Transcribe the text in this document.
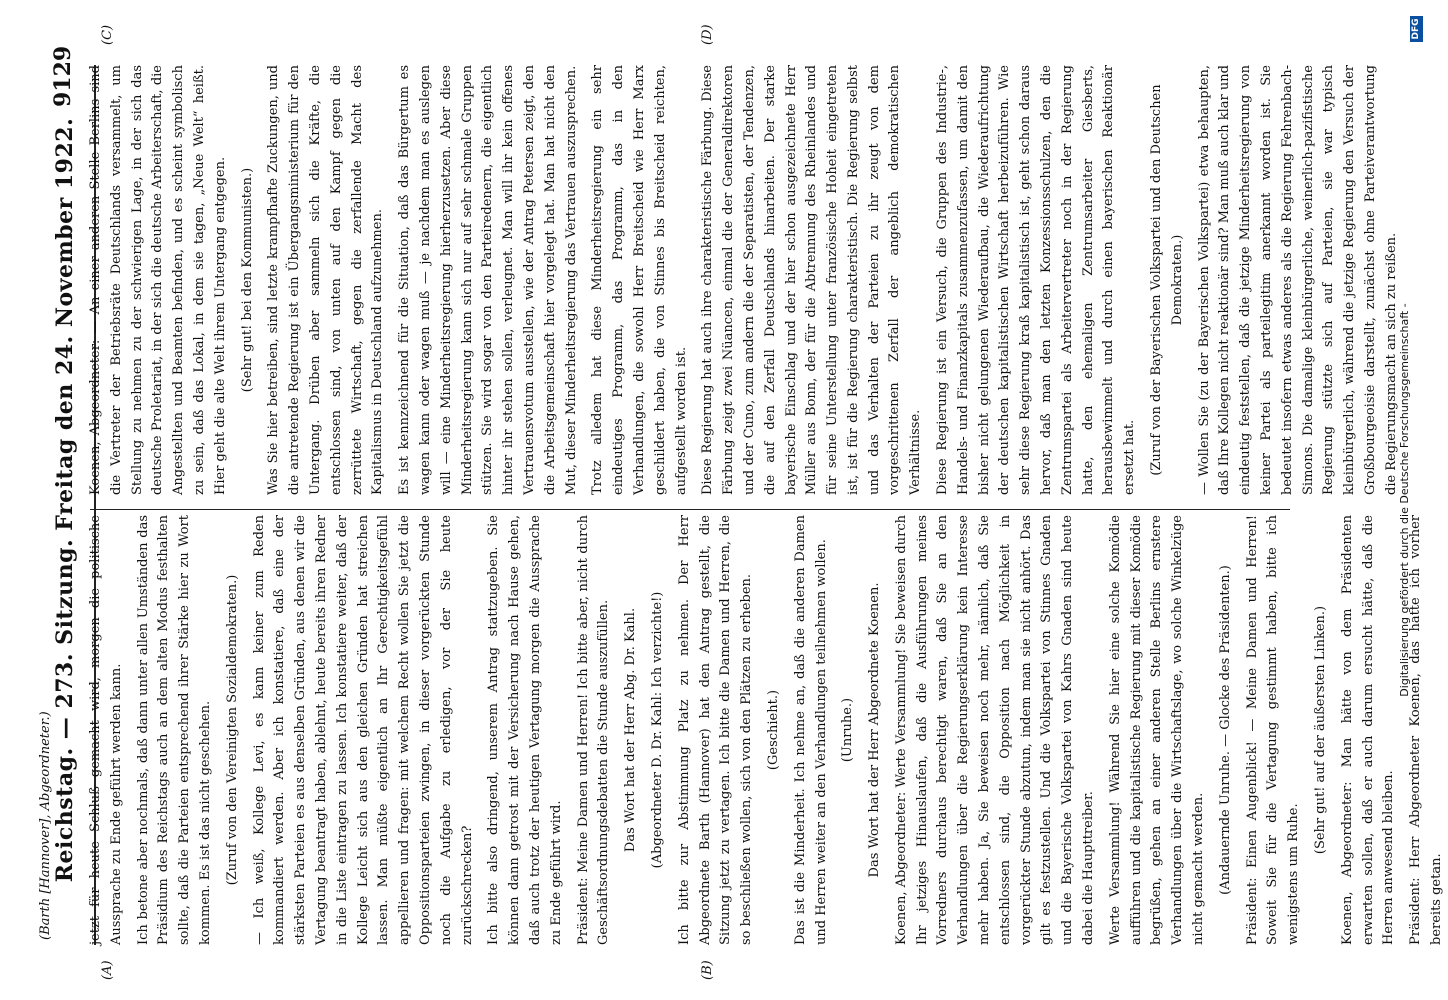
(Barth [Hannover], Abgeordneter.) Reichstag. — 273. Sitzung. Freitag den 24. November 1922.
9129
(A)	(B)
(C)	(D)

jetzt für heute Schluß gemacht wird, morgen die politische Aussprache zu Ende geführt werden kann. Ich betone aber nochmals, daß dann unter allen Umständen das Präsidium des Reichstags auch an dem alten Modus festhalten sollte, daß die Parteien entsprechend ihrer Stärke hier zu Wort kommen. Es ist das nicht geschehen. (Zuruf von den Vereinigten Sozialdemokraten.) — Ich weiß, Kollege Levi, es kann keiner zum Reden kommandiert werden. Aber ich konstatiere, daß eine der stärksten Parteien es aus denselben Gründen, aus denen wir die Vertagung beantragt haben, ablehnt, heute bereits ihren Redner in die Liste eintragen zu lassen. Ich konstatiere weiter, daß der Kollege Leicht sich aus den gleichen Gründen hat streichen lassen. Man müßte eigentlich an Ihr Gerechtigkeitsgefühl appellieren und fragen: mit welchem Recht wollen Sie jetzt die Oppositionsparteien zwingen, in dieser vorgerückten Stunde noch die Aufgabe zu erledigen, vor der Sie heute zurückschrecken? Ich bitte also dringend, unserem Antrag stattzugeben. Sie können dann getrost mit der Versicherung nach Hause gehen, daß auch trotz der heutigen Vertagung morgen die Aussprache zu Ende geführt wird. Präsident: Meine Damen und Herren! Ich bitte aber, nicht durch Geschäftsordnungsdebatten die Stunde auszufüllen. Das Wort hat der Herr Abg. Dr. Kahl. (Abgeordneter D. Dr. Kahl: Ich verzichte!) Ich bitte zur Abstimmung Platz zu nehmen. Der Herr Abgeordnete Barth (Hannover) hat den Antrag gestellt, die Sitzung jetzt zu vertagen. Ich bitte die Damen und Herren, die so beschließen wollen, sich von den Plätzen zu erheben. (Geschieht.) Das ist die Minderheit. Ich nehme an, daß die anderen Damen und Herren weiter an den Verhandlungen teilnehmen wollen. (Unruhe.) Das Wort hat der Herr Abgeordnete Koenen. Koenen, Abgeordneter: Werte Versammlung! Sie beweisen durch Ihr jetziges Hinauslaufen, daß die Ausführungen meines Vorredners durchaus berechtigt waren, daß Sie an den Verhandlungen über die Regierungserklärung kein Interesse mehr haben. Ja, Sie beweisen noch mehr, nämlich, daß Sie entschlossen sind, die Opposition nach Möglichkeit in vorgerückter Stunde abzutun, indem man sie nicht anhört. Das gilt es festzustellen. Und die Volkspartei von Stinnes Gnaden und die Bayerische Volkspartei von Kahrs Gnaden sind heute dabei die Haupttreiber. Werte Versammlung! Während Sie hier eine solche Komödie aufführen und die kapitalistische Regierung mit dieser Komödie begrüßen, gehen an einer anderen Stelle Berlins ernstere Verhandlungen über die Wirtschaftslage, wo solche Winkelzüge nicht gemacht werden. (Andauernde Unruhe. — Glocke des Präsidenten.) Präsident: Einen Augenblick! — Meine Damen und Herren! Soweit Sie für die Vertagung gestimmt haben, bitte ich wenigstens um Ruhe.

(Sehr gut! auf der äußersten Linken.) Koenen, Abgeordneter: Man hätte von dem Präsidenten erwarten sollen, daß er auch darum ersucht hätte, daß die Herren anwesend bleiben. Präsident: Herr Abgeordneter Koenen, das hatte ich vorher bereits getan.

Koenen, Abgeordneter: — An einer anderen Stelle Berlins sind die Vertreter der Betriebsräte Deutschlands versammelt, um Stellung zu nehmen zu der schwierigen Lage, in der sich das deutsche Proletariat, in der sich die deutsche Arbeiterschaft, die Angestellten und Beamten befinden, und es scheint symbolisch zu sein, daß das Lokal, in dem sie tagen, „Neue Welt“ heißt. Hier geht die alte Welt ihrem Untergang entgegen. (Sehr gut! bei den Kommunisten.) Was Sie hier betreiben, sind letzte krampfhafte Zuckungen, und die antretende Regierung ist ein Übergangsministerium für den Untergang. Drüben aber sammeln sich die Kräfte, die entschlossen sind, von unten auf den Kampf gegen die zerrüttete Wirtschaft, gegen die zerfallende Macht des Kapitalismus in Deutschland aufzunehmen. Es ist kennzeichnend für die Situation, daß das Bürgertum es wagen kann oder wagen muß — je nachdem man es auslegen will — eine Minderheitsregierung hierherzusetzen. Aber diese Minderheitsregierung kann sich nur auf sehr schmale Gruppen stützen. Sie wird sogar von den Parteiredenern, die eigentlich hinter ihr stehen sollen, verleugnet. Man will ihr kein offenes Vertrauensvotum ausstellen, wie der Antrag Petersen zeigt, den die Arbeitsgemeinschaft hier vorgelegt hat. Man hat nicht den Mut, dieser Minderheitsregierung das Vertrauen auszusprechen. Trotz alledem hat diese Minderheitsregierung ein sehr eindeutiges Programm, das Programm, das in den Verhandlungen, die sowohl Herr Breitscheid wie Herr Marx geschildert haben, die von Stinnes bis Breitscheid reichten, aufgestellt worden ist. Diese Regierung hat auch ihre charakteristische Färbung. Diese Färbung zeigt zwei Nüancen, einmal die der Generaldirektoren und der Cuno, zum andern die der Separatisten, der Tendenzen, die auf den Zerfall Deutschlands hinarbeiten. Der starke bayerische Einschlag und der hier schon ausgezeichnete Herr Müller aus Bonn, der für die Abtrennung des Rheinlandes und für seine Unterstellung unter französische Hoheit eingetreten ist, ist für die Regierung charakteristisch. Die Regierung selbst und das Verhalten der Parteien zu ihr zeugt von dem vorgeschrittenen Zerfall der angeblich demokratischen Verhältnisse. Diese Regierung ist ein Versuch, die Gruppen des Industrie-, Handels- und Finanzkapitals zusammenzufassen, um damit den bisher nicht gelungenen Wiederaufbau, die Wiederaufrichtung der deutschen kapitalistischen Wirtschaft herbeizuführen. Wie sehr diese Regierung kraß kapitalistisch ist, geht schon daraus hervor, daß man den letzten Konzessionsschulzen, den die Zentrumspartei als Arbeitervertreter noch in der Regierung hatte, den ehemaligen Zentrumsarbeiter Giesberts, herausbewimmelt und durch einen bayerischen Reaktionär ersetzt hat. (Zuruf von der Bayerischen Volkspartei und den Deutschen Demokraten.) — Wollen Sie (zu der Bayerischen Volkspartei) etwa behaupten, daß Ihre Kollegen nicht reaktionär sind? Man muß auch klar und eindeutig feststellen, daß die jetzige Minderheitsregierung von keiner Partei als parteilegitim anerkannt worden ist. Sie bedeutet insofern etwas anderes als die Regierung Fehrenbach-Simons. Die damalige kleinbürgerliche, weinerlich-pazifistische Regierung stützte sich auf Parteien, sie war typisch kleinbürgerlich, während die jetzige Regierung den Versuch der Großbourgeoisie darstellt, zunächst ohne Parteiverantwortung die Regierungsmacht an sich zu reißen. Digitalisierung gefördert durch die Deutsche Forschungsgemeinschaft -
DFG
